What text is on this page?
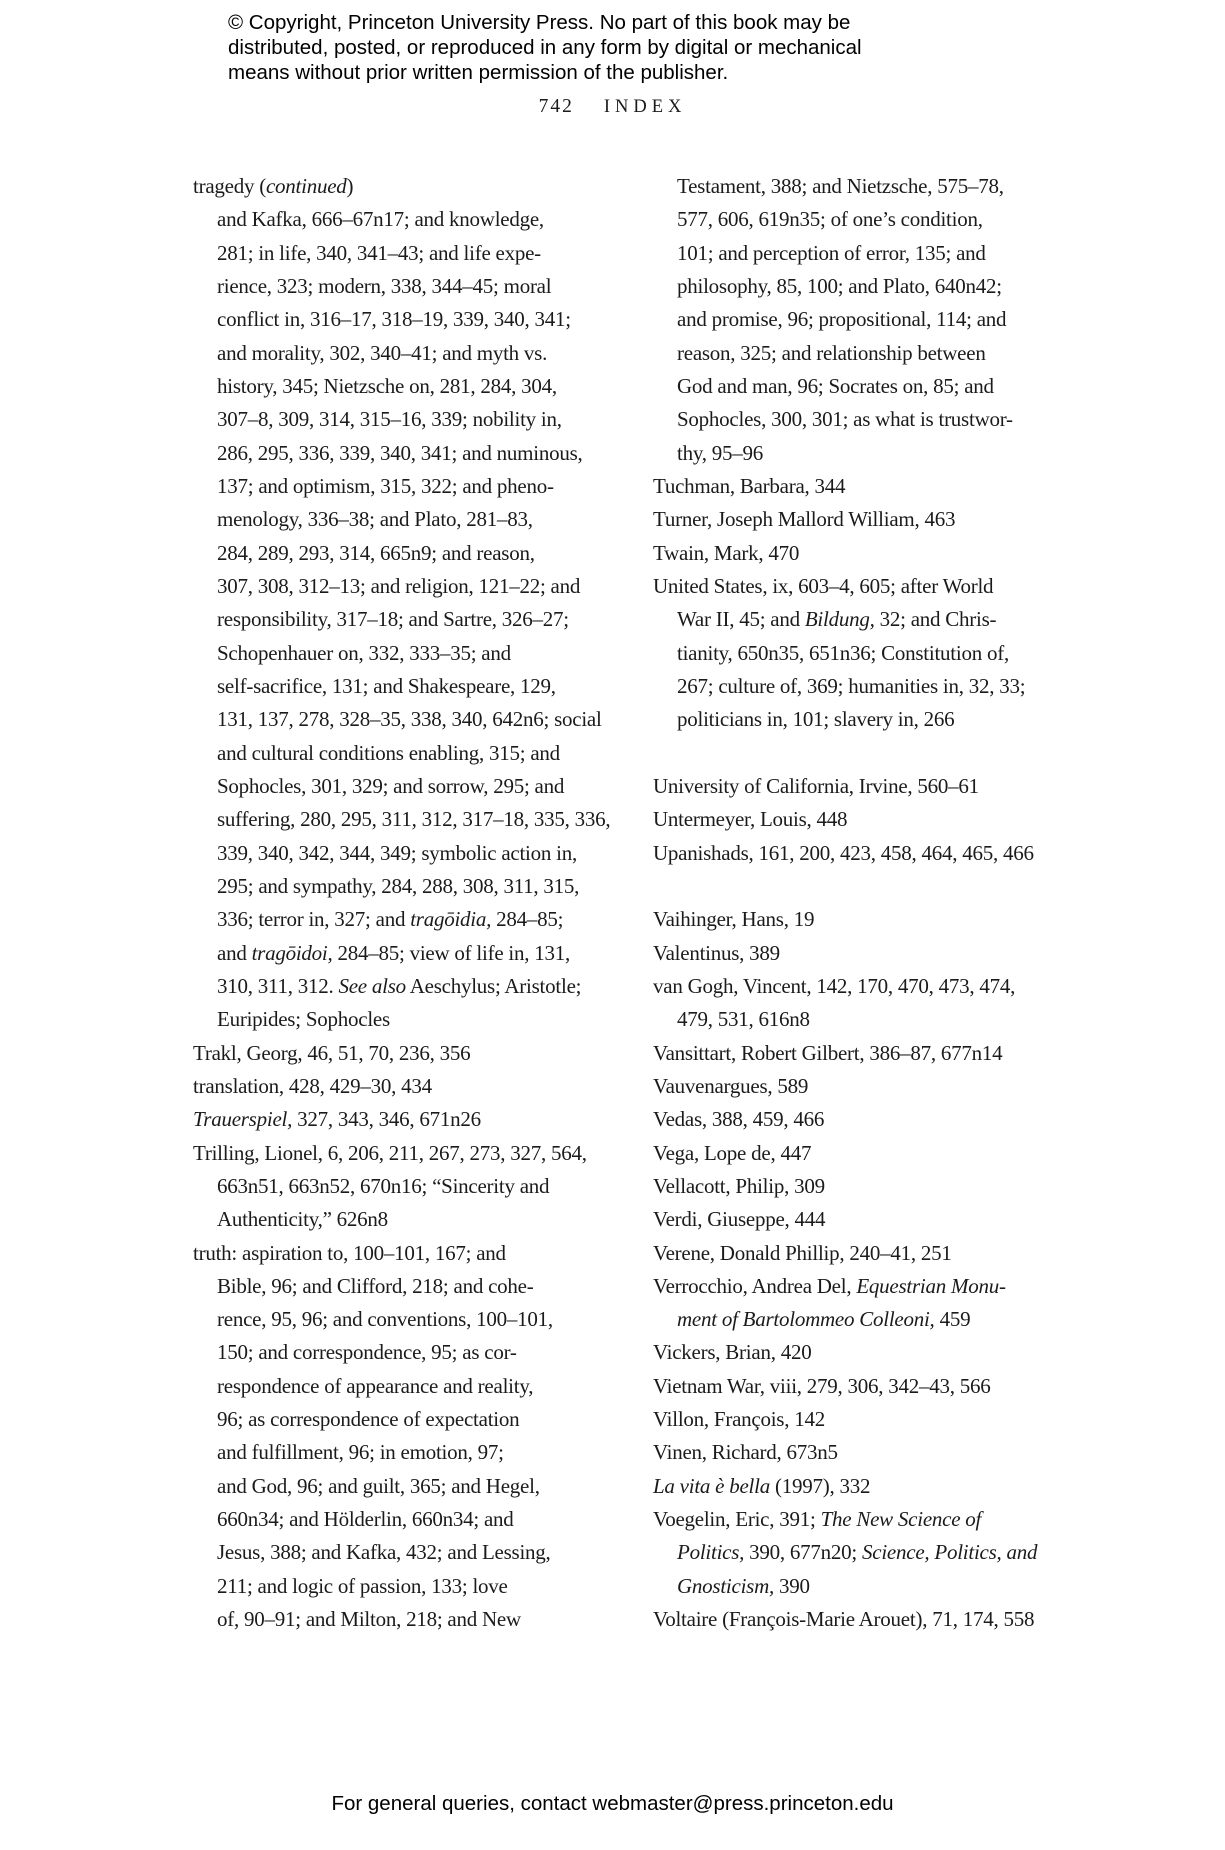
© Copyright, Princeton University Press. No part of this book may be
distributed, posted, or reproduced in any form by digital or mechanical
means without prior written permission of the publisher.
742 INDEX
tragedy (continued)
and Kafka, 666–67n17; and knowledge,
281; in life, 340, 341–43; and life expe-
rience, 323; modern, 338, 344–45; moral
conflict in, 316–17, 318–19, 339, 340, 341;
and morality, 302, 340–41; and myth vs.
history, 345; Nietzsche on, 281, 284, 304,
307–8, 309, 314, 315–16, 339; nobility in,
286, 295, 336, 339, 340, 341; and numinous,
137; and optimism, 315, 322; and pheno-
menology, 336–38; and Plato, 281–83,
284, 289, 293, 314, 665n9; and reason,
307, 308, 312–13; and religion, 121–22; and
responsibility, 317–18; and Sartre, 326–27;
Schopenhauer on, 332, 333–35; and
self-sacrifice, 131; and Shakespeare, 129,
131, 137, 278, 328–35, 338, 340, 642n6; social
and cultural conditions enabling, 315; and
Sophocles, 301, 329; and sorrow, 295; and
suffering, 280, 295, 311, 312, 317–18, 335, 336,
339, 340, 342, 344, 349; symbolic action in,
295; and sympathy, 284, 288, 308, 311, 315,
336; terror in, 327; and tragōidia, 284–85;
and tragōidoi, 284–85; view of life in, 131,
310, 311, 312. See also Aeschylus; Aristotle;
Euripides; Sophocles
Trakl, Georg, 46, 51, 70, 236, 356
translation, 428, 429–30, 434
Trauerspiel, 327, 343, 346, 671n26
Trilling, Lionel, 6, 206, 211, 267, 273, 327, 564,
663n51, 663n52, 670n16; “Sincerity and
Authenticity,” 626n8
truth: aspiration to, 100–101, 167; and
Bible, 96; and Clifford, 218; and cohe-
rence, 95, 96; and conventions, 100–101,
150; and correspondence, 95; as cor-
respondence of appearance and reality,
96; as correspondence of expectation
and fulfillment, 96; in emotion, 97;
and God, 96; and guilt, 365; and Hegel,
660n34; and Hölderlin, 660n34; and
Jesus, 388; and Kafka, 432; and Lessing,
211; and logic of passion, 133; love
of, 90–91; and Milton, 218; and New
Testament, 388; and Nietzsche, 575–78,
577, 606, 619n35; of one’s condition,
101; and perception of error, 135; and
philosophy, 85, 100; and Plato, 640n42;
and promise, 96; propositional, 114; and
reason, 325; and relationship between
God and man, 96; Socrates on, 85; and
Sophocles, 300, 301; as what is trustwor-
thy, 95–96
Tuchman, Barbara, 344
Turner, Joseph Mallord William, 463
Twain, Mark, 470
United States, ix, 603–4, 605; after World
War II, 45; and Bildung, 32; and Chris-
tianity, 650n35, 651n36; Constitution of,
267; culture of, 369; humanities in, 32, 33;
politicians in, 101; slavery in, 266

University of California, Irvine, 560–61
Untermeyer, Louis, 448
Upanishads, 161, 200, 423, 458, 464, 465, 466

Vaihinger, Hans, 19
Valentinus, 389
van Gogh, Vincent, 142, 170, 470, 473, 474,
479, 531, 616n8
Vansittart, Robert Gilbert, 386–87, 677n14
Vauvenargues, 589
Vedas, 388, 459, 466
Vega, Lope de, 447
Vellacott, Philip, 309
Verdi, Giuseppe, 444
Verene, Donald Phillip, 240–41, 251
Verrocchio, Andrea Del, Equestrian Monu-
ment of Bartolommeo Colleoni, 459
Vickers, Brian, 420
Vietnam War, viii, 279, 306, 342–43, 566
Villon, François, 142
Vinen, Richard, 673n5
La vita è bella (1997), 332
Voegelin, Eric, 391; The New Science of
Politics, 390, 677n20; Science, Politics, and
Gnosticism, 390
Voltaire (François-Marie Arouet), 71, 174, 558
For general queries, contact webmaster@press.princeton.edu
